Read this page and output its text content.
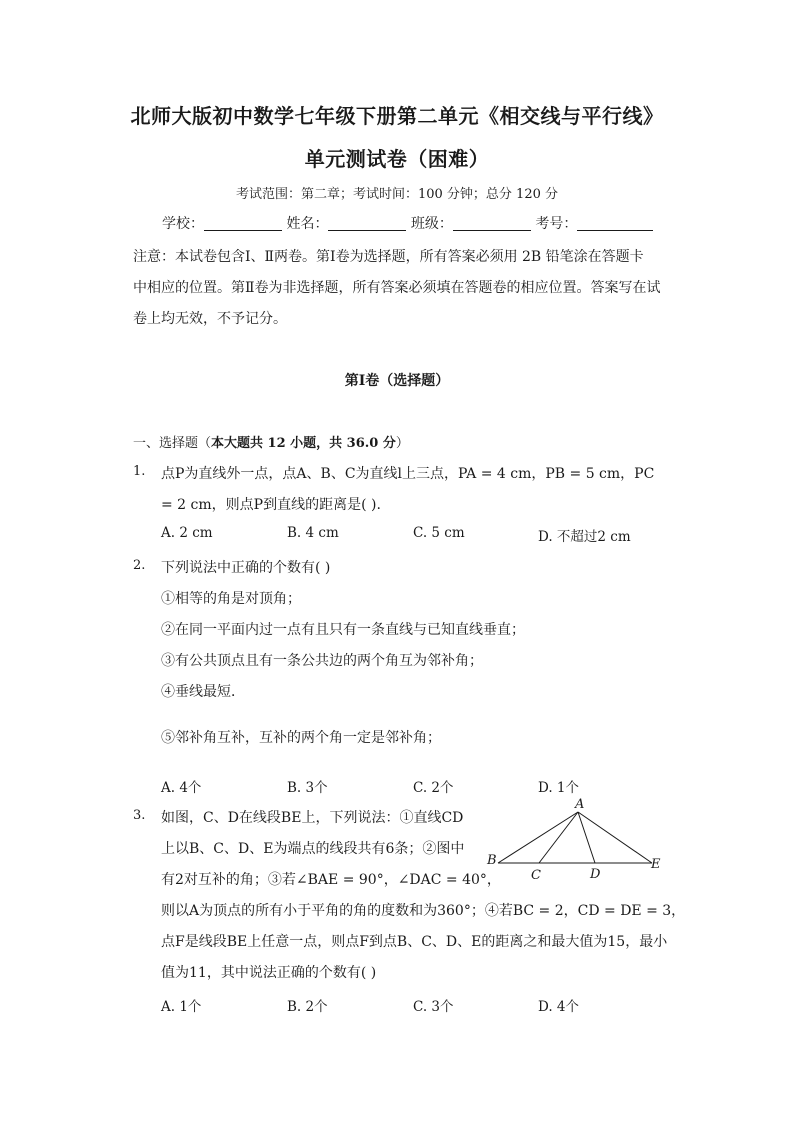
北师大版初中数学七年级下册第二单元《相交线与平行线》
单元测试卷（困难）
考试范围：第二章；考试时间：100 分钟；总分 120 分
学校：	姓名：	班级：	考号：
注意：本试卷包含Ⅰ、Ⅱ两卷。第Ⅰ卷为选择题，所有答案必须用 2B 铅笔涂在答题卡
中相应的位置。第Ⅱ卷为非选择题，所有答案必须填在答题卷的相应位置。答案写在试
卷上均无效，不予记分。
第Ⅰ卷（选择题）
一、选择题（本大题共 12 小题，共 36.0 分）
1. 点P为直线外一点，点A、B、C为直线l上三点，PA = 4 cm，PB = 5 cm，PC
= 2 cm，则点P到直线的距离是( ).
A. 2 cm	B. 4 cm	C. 5 cm	D. 不超过2 cm
2. 下列说法中正确的个数有( )
①相等的角是对顶角；
②在同一平面内过一点有且只有一条直线与已知直线垂直；
③有公共顶点且有一条公共边的两个角互为邻补角；
④垂线最短．
⑤邻补角互补，互补的两个角一定是邻补角；
A. 4个	B. 3个	C. 2个	D. 1个
3. 如图，C、D在线段BE上，下列说法：①直线CD
上以B、C、D、E为端点的线段共有6条；②图中
有2对互补的角；③若∠BAE = 90°，∠DAC = 40°，
则以A为顶点的所有小于平角的角的度数和为360°；④若BC = 2，CD = DE = 3，
点F是线段BE上任意一点，则点F到点B、C、D、E的距离之和最大值为15，最小
值为11，其中说法正确的个数有( )
A. 1个	B. 2个	C. 3个	D. 4个
A
B
C	D
E
